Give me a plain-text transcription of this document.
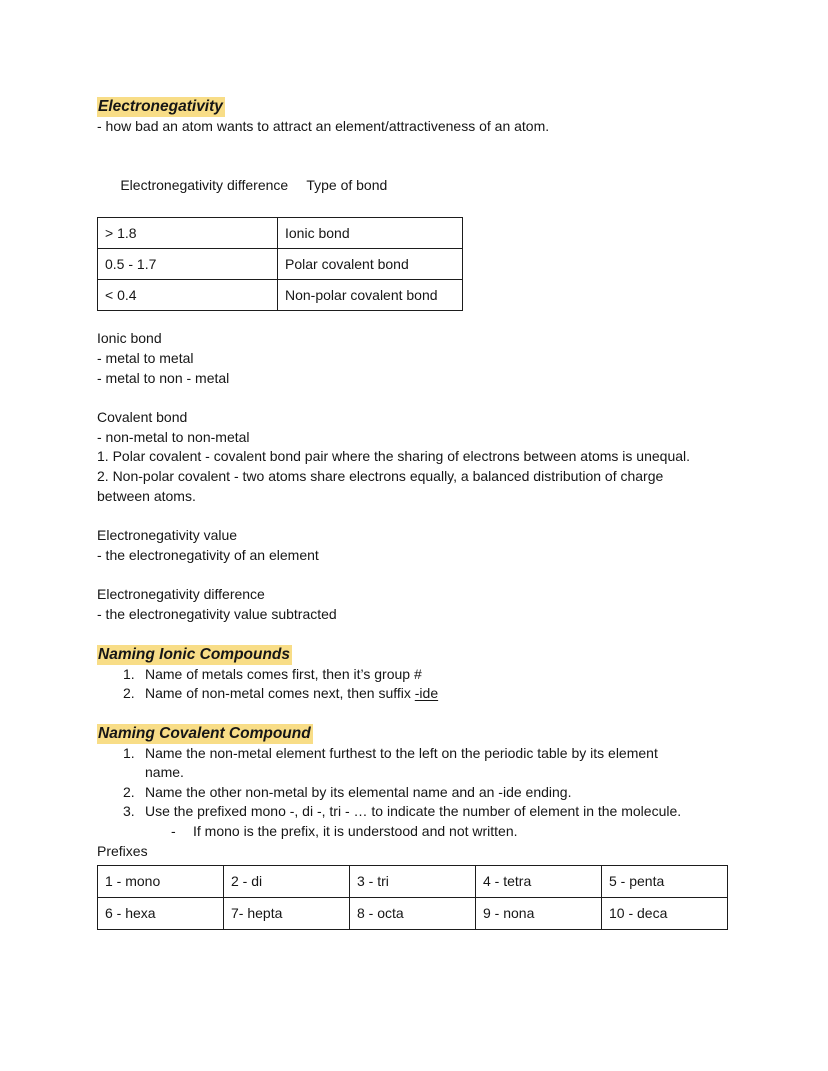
Electronegativity
- how bad an atom wants to attract an element/attractiveness of an atom.

Electronegativity difference Type of bond

> 1.8	Ionic bond
0.5 - 1.7	Polar covalent bond
< 0.4	Non-polar covalent bond
Ionic bond
- metal to metal
- metal to non - metal
Covalent bond
- non-metal to non-metal
1. Polar covalent - covalent bond pair where the sharing of electrons between atoms is unequal.
2. Non-polar covalent - two atoms share electrons equally, a balanced distribution of charge
between atoms.
Electronegativity value
- the electronegativity of an element
Electronegativity difference
- the electronegativity value subtracted
Naming Ionic Compounds
1. Name of metals comes first, then it’s group #
2. Name of non-metal comes next, then suffix -ide
Naming Covalent Compound
1. Name the non-metal element furthest to the left on the periodic table by its element
name.
2. Name the other non-metal by its elemental name and an -ide ending.
3. Use the prefixed mono -, di -, tri - … to indicate the number of element in the molecule.
- If mono is the prefix, it is understood and not written.
Prefixes
1 - mono	2 - di	3 - tri	4 - tetra	5 - penta
6 - hexa	7- hepta	8 - octa	9 - nona	10 - deca
